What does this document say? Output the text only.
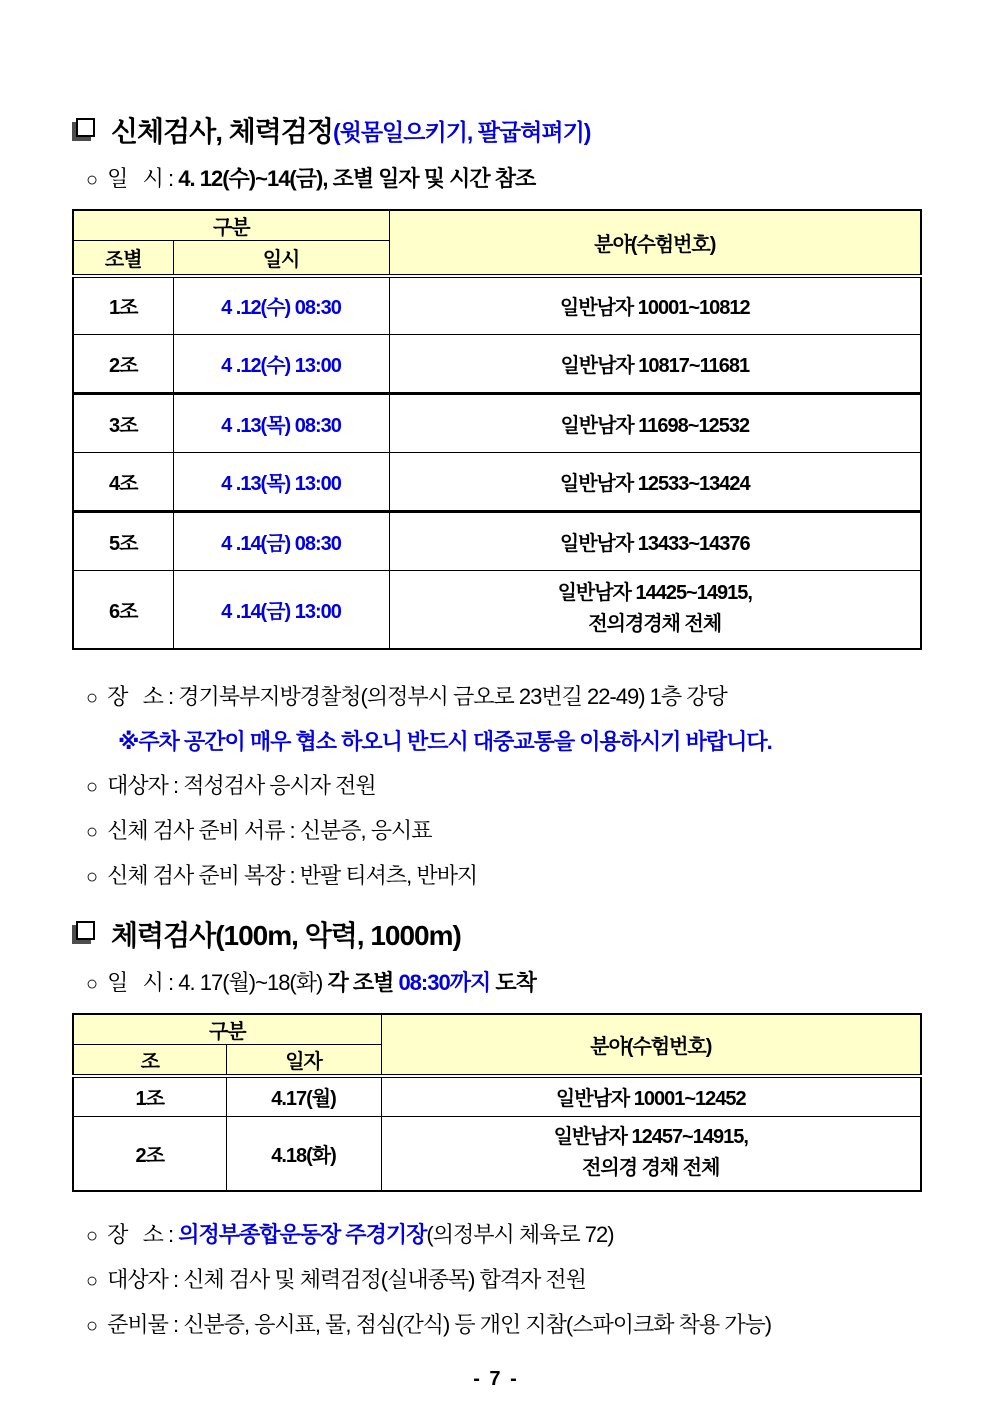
신체검사, 체력검정 (윗몸일으키기, 팔굽혀펴기)
○ 일   시 : 4. 12(수)~14(금), 조별 일자 및 시간 참조
구분		분야(수험번호)
조별	일시	
1조	4 .12(수) 08:30	일반남자 10001~10812
2조	4 .12(수) 13:00	일반남자 10817~11681
3조	4 .13(목) 08:30	일반남자 11698~12532
4조	4 .13(목) 13:00	일반남자 12533~13424
5조	4 .14(금) 08:30	일반남자 13433~14376
6조	4 .14(금) 13:00	일반남자 14425~14915,
전의경경채 전체
○ 장   소 : 경기북부지방경찰청(의정부시 금오로 23번길 22-49) 1층 강당
※주차 공간이 매우 협소 하오니 반드시 대중교통을 이용하시기 바랍니다.
○ 대상자 : 적성검사 응시자 전원
○ 신체 검사 준비 서류 : 신분증, 응시표
○ 신체 검사 준비 복장 : 반팔 티셔츠, 반바지
체력검사(100m, 악력, 1000m)
○ 일   시 : 4. 17(월)~18(화) 각 조별 08:30까지 도착
구분		분야(수험번호)
조	일자	
1조	4.17(월)	일반남자 10001~12452
2조	4.18(화)	일반남자 12457~14915,
전의경 경채 전체
○ 장   소 : 의정부종합운동장 주경기장(의정부시 체육로 72)
○ 대상자 : 신체 검사 및 체력검정(실내종목) 합격자 전원
○ 준비물 : 신분증, 응시표, 물, 점심(간식) 등 개인 지참(스파이크화 착용 가능)
- 7 -
